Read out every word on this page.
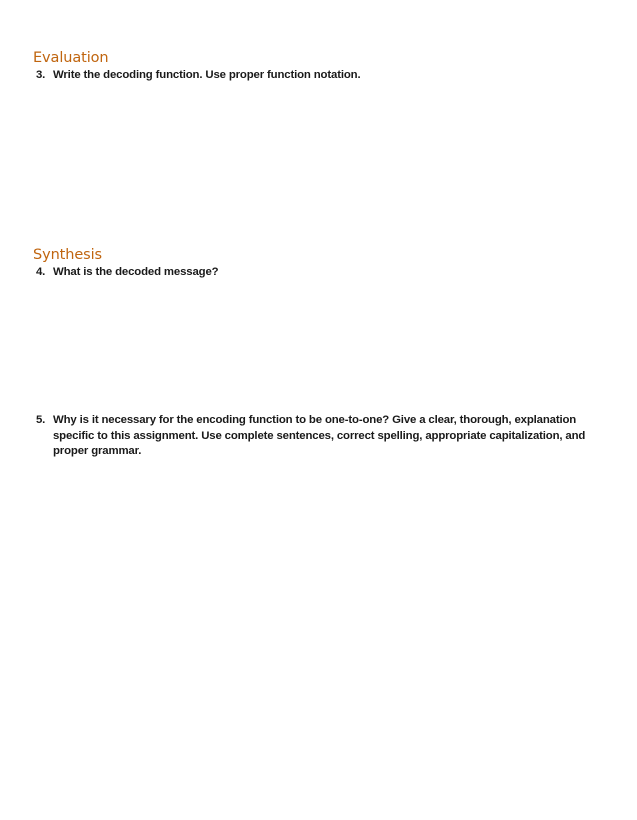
Evaluation
3. Write the decoding function. Use proper function notation.
Synthesis
4. What is the decoded message?
5. Why is it necessary for the encoding function to be one-to-one? Give a clear, thorough, explanation specific to this assignment. Use complete sentences, correct spelling, appropriate capitalization, and proper grammar.
